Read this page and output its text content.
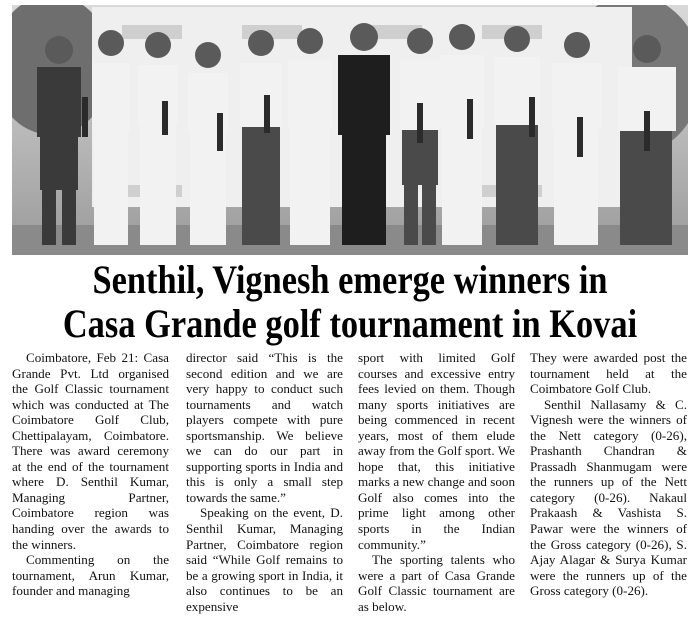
Senthil, Vignesh emerge winners in
Casa Grande golf tournament in Kovai

Coimbatore, Feb 21: Casa Grande Pvt. Ltd organised the Golf Classic tournament which was conducted at The Coimbatore Golf Club, Chettipalayam, Coimbatore. There was award ceremony at the end of the tournament where D. Senthil Kumar, Managing Partner, Coimbatore region was handing over the awards to the winners.

Commenting on the tournament, Arun Kumar, founder and managing

director said “This is the second edition and we are very happy to conduct such tournaments and watch players compete with pure sportsmanship. We believe we can do our part in supporting sports in India and this is only a small step towards the same.”

Speaking on the event, D. Senthil Kumar, Managing Partner, Coimbatore region said “While Golf remains to be a growing sport in India, it also continues to be an expensive

sport with limited Golf courses and excessive entry fees levied on them. Though many sports initiatives are being commenced in recent years, most of them elude away from the Golf sport. We hope that, this initiative marks a new change and soon Golf also comes into the prime light among other sports in the Indian community.”

The sporting talents who were a part of Casa Grande Golf Classic tournament are as below.

They were awarded post the tournament held at the Coimbatore Golf Club.

Senthil Nallasamy & C. Vignesh were the winners of the Nett category (0-26), Prashanth Chandran & Prassadh Shanmugam were the runners up of the Nett category (0-26). Nakaul Prakaash & Vashista S. Pawar were the winners of the Gross category (0-26), S. Ajay Alagar & Surya Kumar were the runners up of the Gross category (0-26).
